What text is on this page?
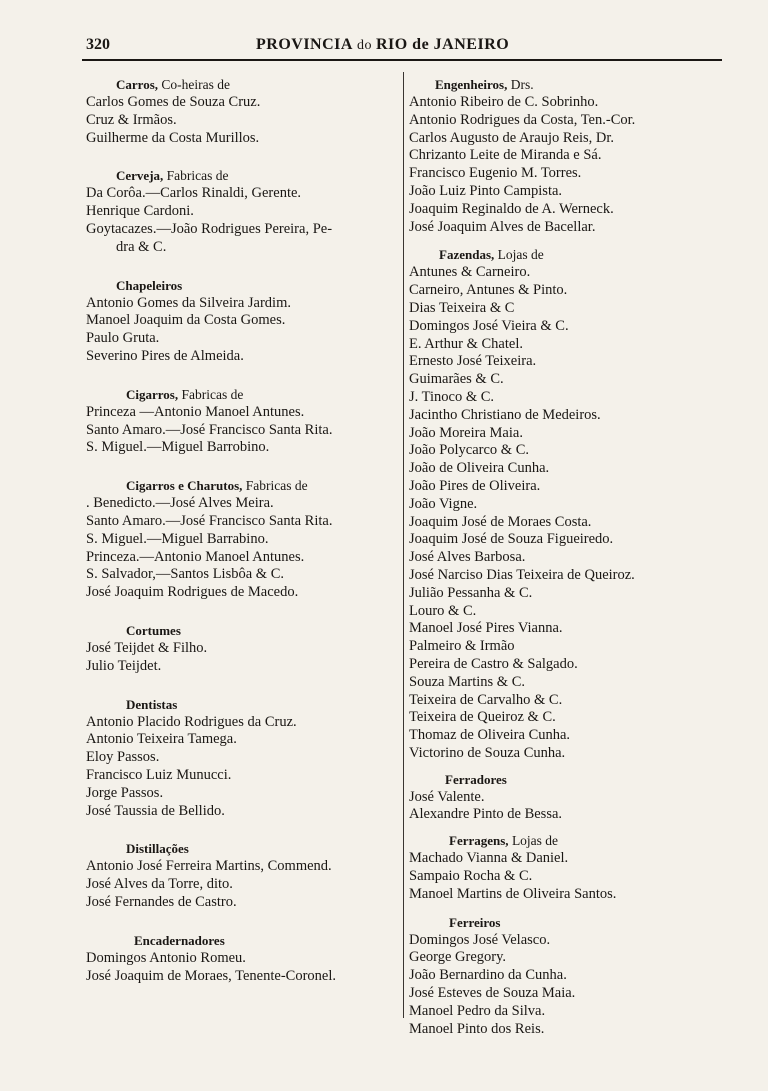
320	PROVINCIA do RIO de JANEIRO
Carros, Co-heiras de
Carlos Gomes de Souza Cruz.
Cruz & Irmãos.
Guilherme da Costa Murillos.
Cerveja, Fabricas de
Da Corôa.—Carlos Rinaldi, Gerente.
Henrique Cardoni.
Goytacazes.—João Rodrigues Pereira, Pe-
dra & C.
Chapeleiros
Antonio Gomes da Silveira Jardim.
Manoel Joaquim da Costa Gomes.
Paulo Gruta.
Severino Pires de Almeida.
Cigarros, Fabricas de
Princeza —Antonio Manoel Antunes.
Santo Amaro.—José Francisco Santa Rita.
S. Miguel.—Miguel Barrobino.
Cigarros e Charutos, Fabricas de
. Benedicto.—José Alves Meira.
Santo Amaro.—José Francisco Santa Rita.
S. Miguel.—Miguel Barrabino.
Princeza.—Antonio Manoel Antunes.
S. Salvador,—Santos Lisbôa & C.
José Joaquim Rodrigues de Macedo.
Cortumes
José Teijdet & Filho.
Julio Teijdet.
Dentistas
Antonio Placido Rodrigues da Cruz.
Antonio Teixeira Tamega.
Eloy Passos.
Francisco Luiz Munucci.
Jorge Passos.
José Taussia de Bellido.
Distillações
Antonio José Ferreira Martins, Commend.
José Alves da Torre, dito.
José Fernandes de Castro.
Encadernadores
Domingos Antonio Romeu.
José Joaquim de Moraes, Tenente-Coronel.
Engenheiros, Drs.
Antonio Ribeiro de C. Sobrinho.
Antonio Rodrigues da Costa, Ten.-Cor.
Carlos Augusto de Araujo Reis, Dr.
Chrizanto Leite de Miranda e Sá.
Francisco Eugenio M. Torres.
João Luiz Pinto Campista.
Joaquim Reginaldo de A. Werneck.
José Joaquim Alves de Bacellar.
Fazendas, Lojas de
Antunes & Carneiro.
Carneiro, Antunes & Pinto.
Dias Teixeira & C
Domingos José Vieira & C.
E. Arthur & Chatel.
Ernesto José Teixeira.
Guimarães & C.
J. Tinoco & C.
Jacintho Christiano de Medeiros.
João Moreira Maia.
João Polycarco & C.
João de Oliveira Cunha.
João Pires de Oliveira.
João Vigne.
Joaquim José de Moraes Costa.
Joaquim José de Souza Figueiredo.
José Alves Barbosa.
José Narciso Dias Teixeira de Queiroz.
Julião Pessanha & C.
Louro & C.
Manoel José Pires Vianna.
Palmeiro & Irmão
Pereira de Castro & Salgado.
Souza Martins & C.
Teixeira de Carvalho & C.
Teixeira de Queiroz & C.
Thomaz de Oliveira Cunha.
Victorino de Souza Cunha.
Ferradores
José Valente.
Alexandre Pinto de Bessa.
Ferragens, Lojas de
Machado Vianna & Daniel.
Sampaio Rocha & C.
Manoel Martins de Oliveira Santos.
Ferreiros
Domingos José Velasco.
George Gregory.
João Bernardino da Cunha.
José Esteves de Souza Maia.
Manoel Pedro da Silva.
Manoel Pinto dos Reis.
